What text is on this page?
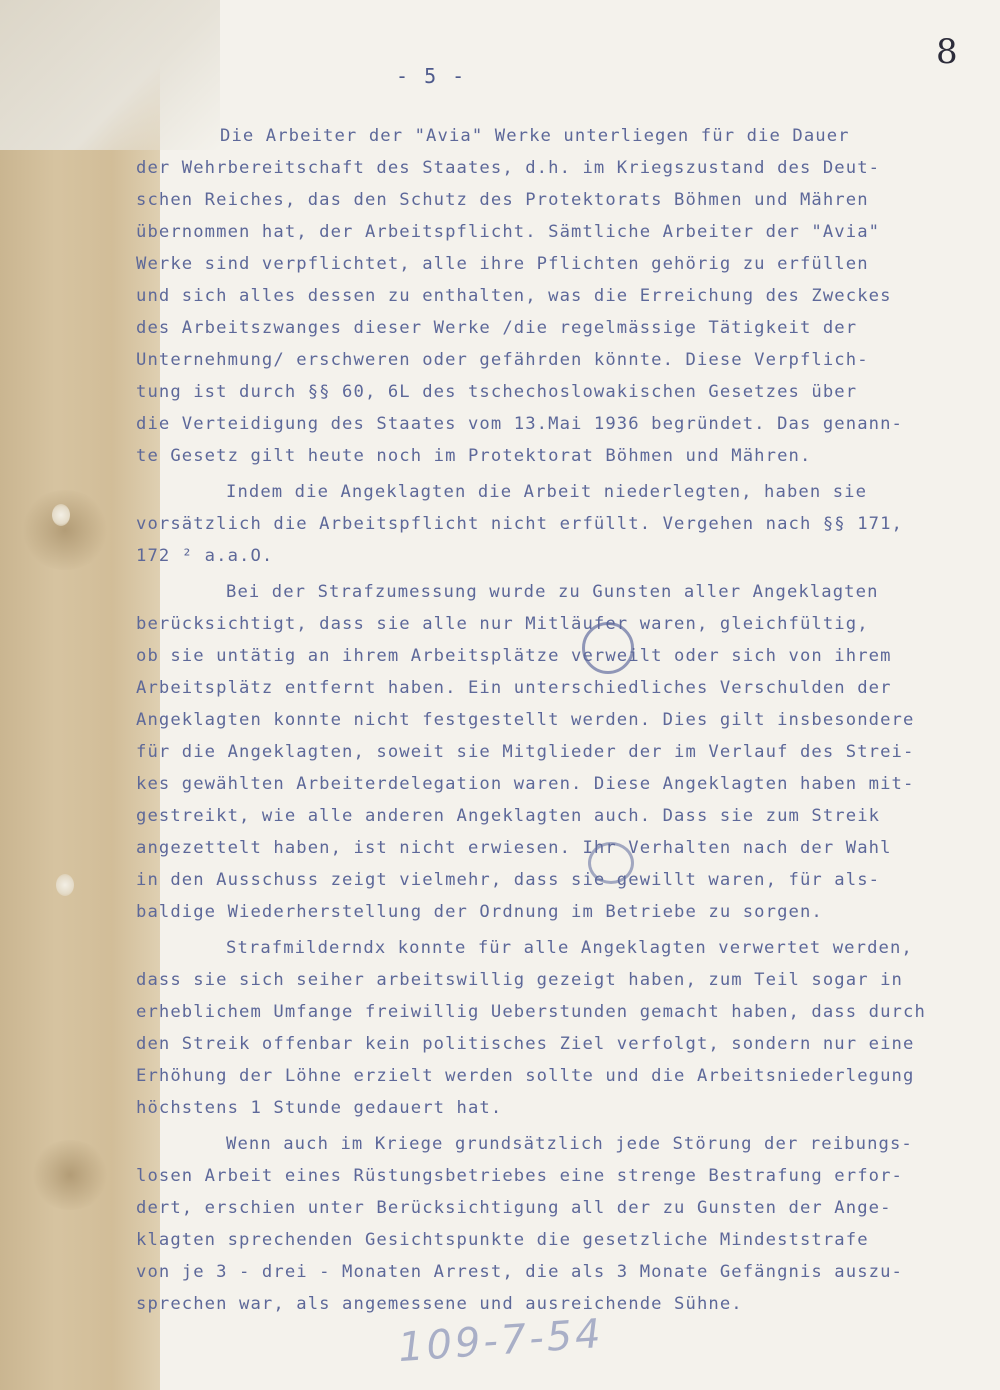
8
- 5 -

Die Arbeiter der "Avia" Werke unterliegen für die Dauer

der Wehrbereitschaft des Staates, d.h. im Kriegszustand des Deut-

schen Reiches, das den Schutz des Protektorats Böhmen und Mähren

übernommen hat, der Arbeitspflicht. Sämtliche Arbeiter der "Avia"

Werke sind verpflichtet, alle ihre Pflichten gehörig zu erfüllen

und sich alles dessen zu enthalten, was die Erreichung des Zweckes

des Arbeitszwanges dieser Werke /die regelmässige Tätigkeit der

Unternehmung/ erschweren oder gefährden könnte. Diese Verpflich-

tung ist durch §§ 60, 6L des tschechoslowakischen Gesetzes über

die Verteidigung des Staates vom 13.Mai 1936 begründet. Das genann-

te Gesetz gilt heute noch im Protektorat Böhmen und Mähren.

Indem die Angeklagten die Arbeit niederlegten, haben sie

vorsätzlich die Arbeitspflicht nicht erfüllt. Vergehen nach §§ 171,

172 ² a.a.O.

Bei der Strafzumessung wurde zu Gunsten aller Angeklagten

berücksichtigt, dass sie alle nur Mitläufer waren, gleichfültig,

ob sie untätig an ihrem Arbeitsplätze verweilt oder sich von ihrem

Arbeitsplätz entfernt haben. Ein unterschiedliches Verschulden der

Angeklagten konnte nicht festgestellt werden. Dies gilt insbesondere

für die Angeklagten, soweit sie Mitglieder der im Verlauf des Strei-

kes gewählten Arbeiterdelegation waren. Diese Angeklagten haben mit-

gestreikt, wie alle anderen Angeklagten auch. Dass sie zum Streik

angezettelt haben, ist nicht erwiesen. Ihr Verhalten nach der Wahl

in den Ausschuss zeigt vielmehr, dass sie gewillt waren, für als-

baldige Wiederherstellung der Ordnung im Betriebe zu sorgen.

Strafmilderndx konnte für alle Angeklagten verwertet werden,

dass sie sich seiher arbeitswillig gezeigt haben, zum Teil sogar in

erheblichem Umfange freiwillig Ueberstunden gemacht haben, dass durch

den Streik offenbar kein politisches Ziel verfolgt, sondern nur eine

Erhöhung der Löhne erzielt werden sollte und die Arbeitsniederlegung

höchstens 1 Stunde gedauert hat.

Wenn auch im Kriege grundsätzlich jede Störung der reibungs-

losen Arbeit eines Rüstungsbetriebes eine strenge Bestrafung erfor-

dert, erschien unter Berücksichtigung all der zu Gunsten der Ange-

klagten sprechenden Gesichtspunkte die gesetzliche Mindeststrafe

von je 3 - drei - Monaten Arrest, die als 3 Monate Gefängnis auszu-

sprechen war, als angemessene und ausreichende Sühne.

109-7-54
